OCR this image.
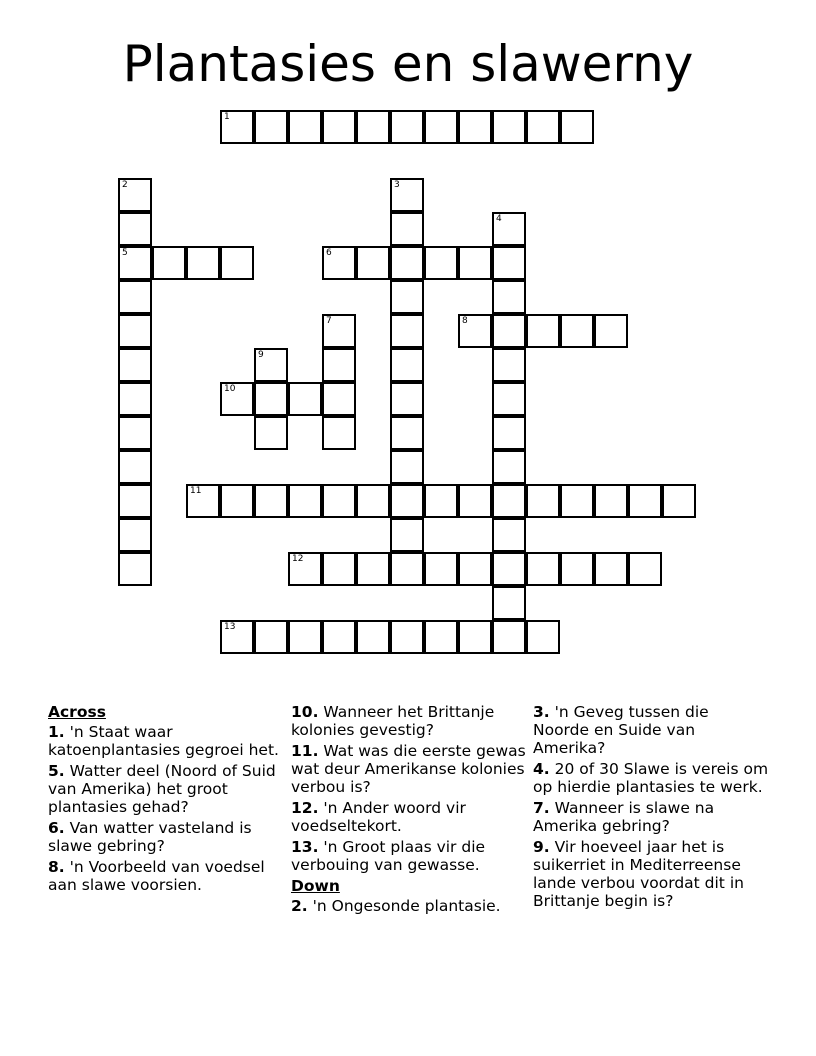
Plantasies en slawerny
1
2
5
3
4
6
7	8
9
10
11
12
13
Across
1. 'n Staat waar katoenplantasies gegroei het.
5. Watter deel (Noord of Suid van Amerika) het groot plantasies gehad?
6. Van watter vasteland is slawe gebring?
8. 'n Voorbeeld van voedsel aan slawe voorsien.
10. Wanneer het Brittanje kolonies gevestig?
11. Wat was die eerste gewas wat deur Amerikanse kolonies verbou is?
12. 'n Ander woord vir voedseltekort.
13. 'n Groot plaas vir die verbouing van gewasse.
Down
2. 'n Ongesonde plantasie.
3. 'n Geveg tussen die Noorde en Suide van Amerika?
4. 20 of 30 Slawe is vereis om op hierdie plantasies te werk.
7. Wanneer is slawe na Amerika gebring?
9. Vir hoeveel jaar het is suikerriet in Mediterreense lande verbou voordat dit in Brittanje begin is?
